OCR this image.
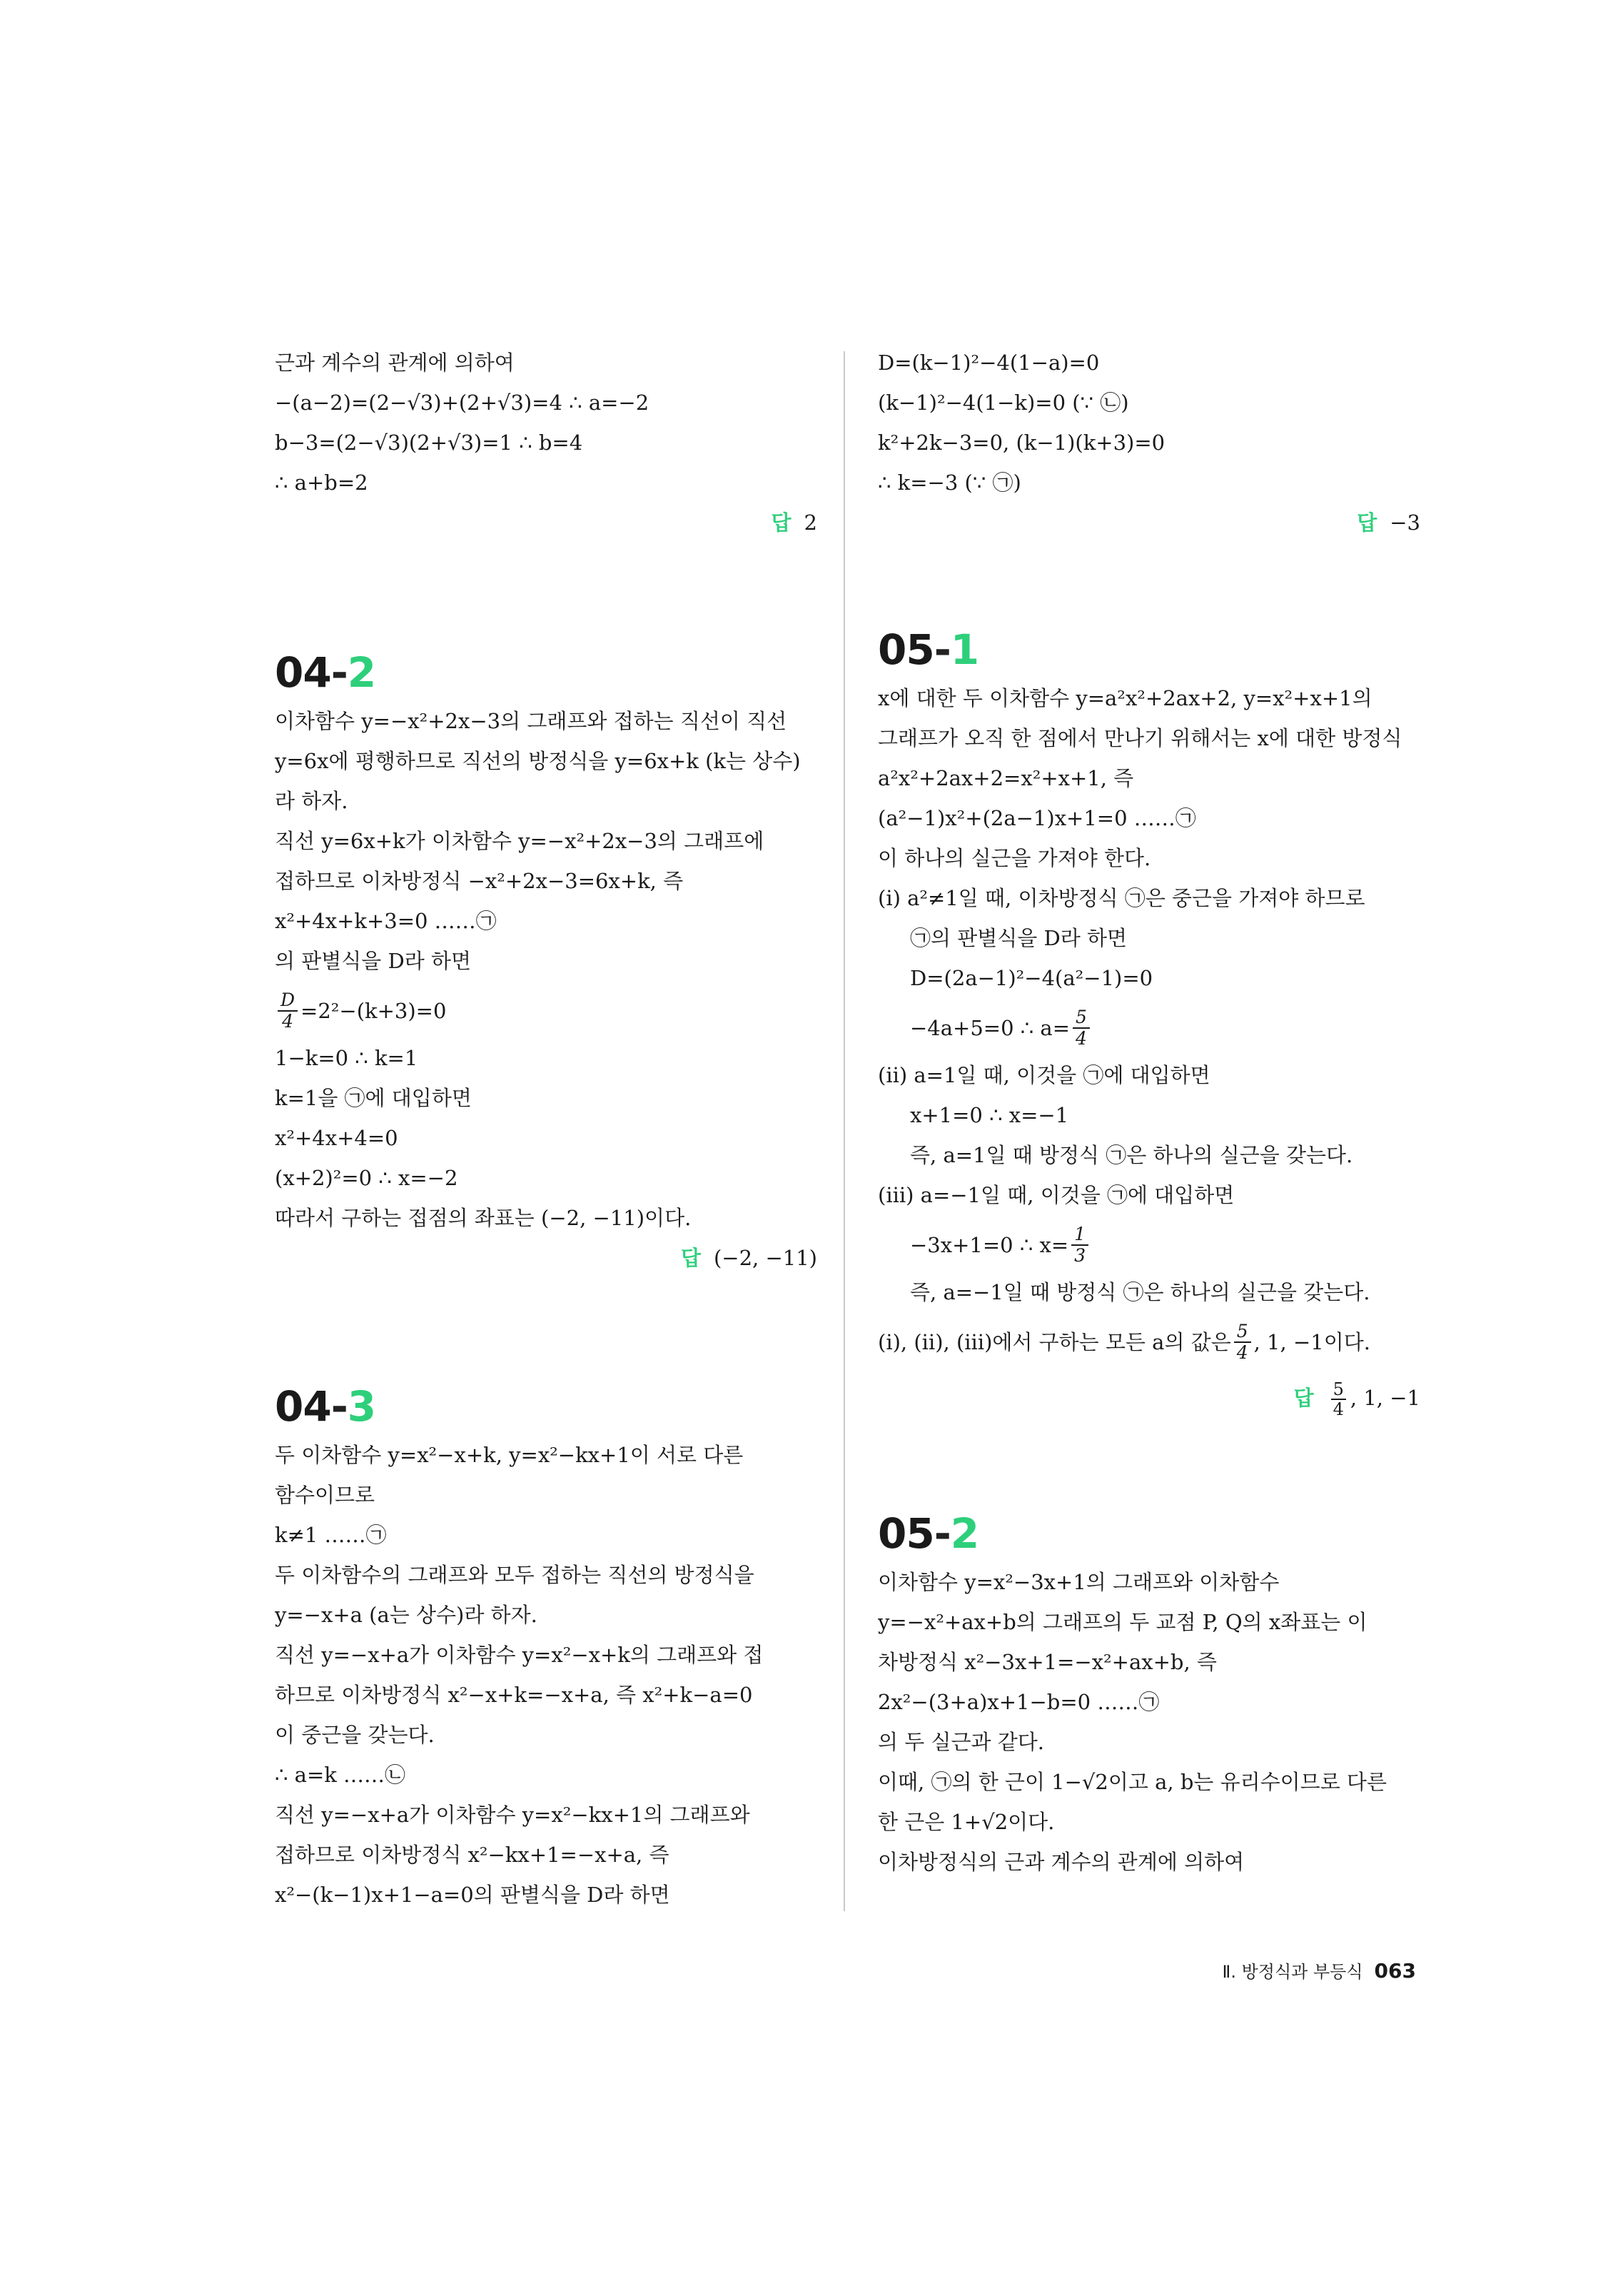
근과 계수의 관계에 의하여
−(a−2)=(2−√3)+(2+√3)=4 ∴ a=−2
b−3=(2−√3)(2+√3)=1 ∴ b=4
∴ a+b=2
답 2
04-2
이차함수 y=−x²+2x−3의 그래프와 접하는 직선이 직선
y=6x에 평행하므로 직선의 방정식을 y=6x+k (k는 상수)
라 하자.
직선 y=6x+k가 이차함수 y=−x²+2x−3의 그래프에
접하므로 이차방정식 −x²+2x−3=6x+k, 즉
x²+4x+k+3=0 ……㉠
의 판별식을 D라 하면
$\frac{D}{4} =2^2-(k+3)=0$
1−k=0 ∴ k=1
k=1을 ㉠에 대입하면
x²+4x+4=0
(x+2)²=0 ∴ x=−2
따라서 구하는 접점의 좌표는 (−2, −11)이다.
답 (−2, −11)
04-3
두 이차함수 y=x²−x+k, y=x²−kx+1이 서로 다른
함수이므로
k≠1 ……㉠
두 이차함수의 그래프와 모두 접하는 직선의 방정식을
y=−x+a (a는 상수)라 하자.
직선 y=−x+a가 이차함수 y=x²−x+k의 그래프와 접
하므로 이차방정식 x²−x+k=−x+a, 즉 x²+k−a=0
이 중근을 갖는다.
∴ a=k ……㉡
직선 y=−x+a가 이차함수 y=x²−kx+1의 그래프와
접하므로 이차방정식 x²−kx+1=−x+a, 즉
x²−(k−1)x+1−a=0의 판별식을 D라 하면
D=(k−1)²−4(1−a)=0
(k−1)²−4(1−k)=0 (∵ ㉡)
k²+2k−3=0, (k−1)(k+3)=0
∴ k=−3 (∵ ㉠)
답 −3
05-1
x에 대한 두 이차함수 y=a²x²+2ax+2, y=x²+x+1의
그래프가 오직 한 점에서 만나기 위해서는 x에 대한 방정식
a²x²+2ax+2=x²+x+1, 즉
(a²−1)x²+(2a−1)x+1=0 ……㉠
이 하나의 실근을 가져야 한다.
(ⅰ) a²≠1일 때, 이차방정식 ㉠은 중근을 가져야 하므로
㉠의 판별식을 D라 하면
D=(2a−1)²−4(a²−1)=0
−4a+5=0 ∴ $a= \frac{5}{4}$
(ⅱ) a=1일 때, 이것을 ㉠에 대입하면
x+1=0 ∴ x=−1
즉, a=1일 때 방정식 ㉠은 하나의 실근을 갖는다.
(ⅲ) a=−1일 때, 이것을 ㉠에 대입하면
−3x+1=0 ∴ $x= \frac{1}{3}$
즉, a=−1일 때 방정식 ㉠은 하나의 실근을 갖는다.
(ⅰ), (ⅱ), (ⅲ)에서 구하는 모든 a의 값은 $\frac{5}{4}$ , 1, −1이다.
답 $\frac{5}{4}$ , 1, −1
05-2
이차함수 y=x²−3x+1의 그래프와 이차함수
y=−x²+ax+b의 그래프의 두 교점 P, Q의 x좌표는 이
차방정식 x²−3x+1=−x²+ax+b, 즉
2x²−(3+a)x+1−b=0 ……㉠
의 두 실근과 같다.
이때, ㉠의 한 근이 1−√2이고 a, b는 유리수이므로 다른
한 근은 1+√2이다.
이차방정식의 근과 계수의 관계에 의하여
Ⅱ. 방정식과 부등식 063
